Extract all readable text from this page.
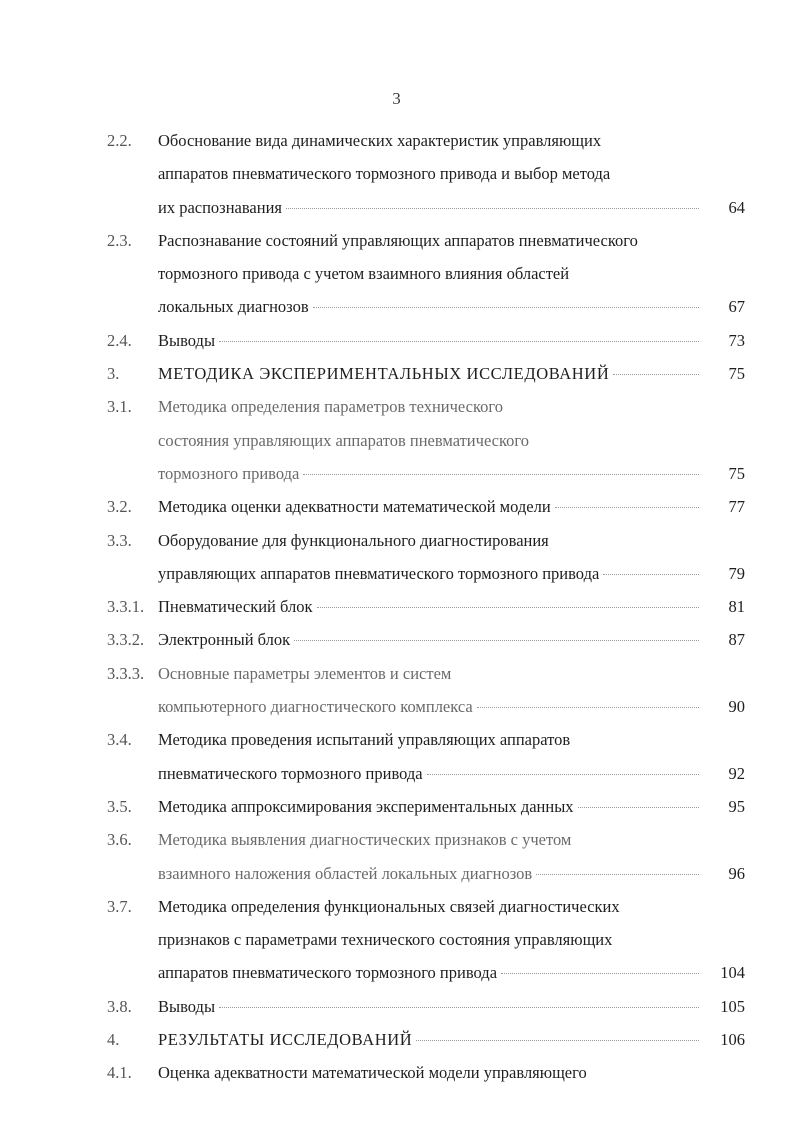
3
2.2. Обоснование вида динамических характеристик управляющих
аппаратов пневматического тормозного привода и выбор метода
их распознавания	64
2.3. Распознавание состояний управляющих аппаратов пневматического
тормозного привода с учетом взаимного влияния областей
локальных диагнозов	67
2.4. Выводы	73
3. МЕТОДИКА ЭКСПЕРИМЕНТАЛЬНЫХ ИССЛЕДОВАНИЙ	75
3.1. Методика определения параметров технического
состояния управляющих аппаратов пневматического
тормозного привода	75
3.2. Методика оценки адекватности математической модели	77
3.3. Оборудование для функционального диагностирования
управляющих аппаратов пневматического тормозного привода	79
3.3.1. Пневматический блок	81
3.3.2. Электронный блок	87
3.3.3. Основные параметры элементов и систем
компьютерного диагностического комплекса	90
3.4. Методика проведения испытаний управляющих аппаратов
пневматического тормозного привода	92
3.5. Методика аппроксимирования экспериментальных данных	95
3.6. Методика выявления диагностических признаков с учетом
взаимного наложения областей локальных диагнозов	96
3.7. Методика определения функциональных связей диагностических
признаков с параметрами технического состояния управляющих
аппаратов пневматического тормозного привода	104
3.8. Выводы	105
4. РЕЗУЛЬТАТЫ ИССЛЕДОВАНИЙ	106
4.1. Оценка адекватности математической модели управляющего
